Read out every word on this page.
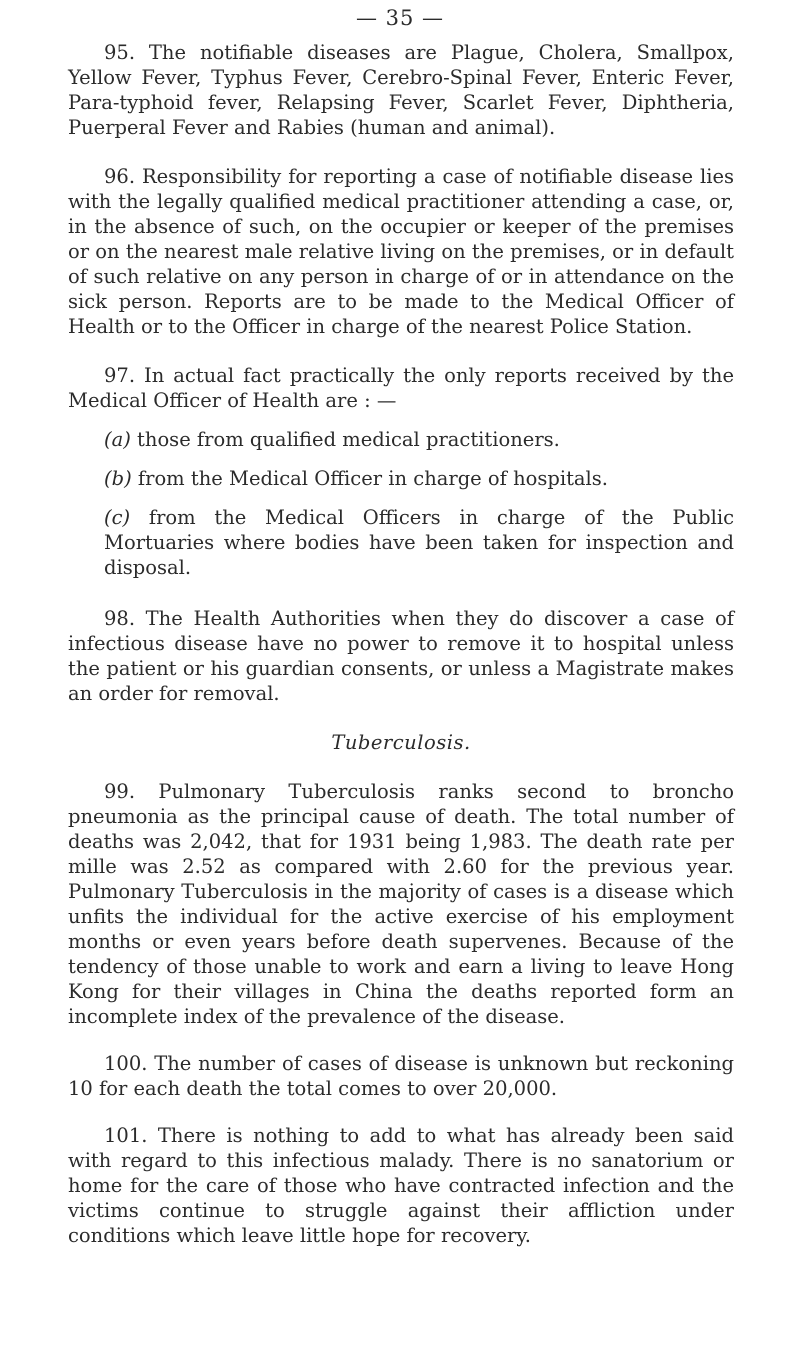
— 35 —

95. The notifiable diseases are Plague, Cholera, Smallpox, Yellow Fever, Typhus Fever, Cerebro-Spinal Fever, Enteric Fever, Para-typhoid fever, Relapsing Fever, Scarlet Fever, Diphtheria, Puerperal Fever and Rabies (human and animal).

96. Responsibility for reporting a case of notifiable disease lies with the legally qualified medical practitioner attending a case, or, in the absence of such, on the occupier or keeper of the premises or on the nearest male relative living on the premises, or in default of such relative on any person in charge of or in attendance on the sick person. Reports are to be made to the Medical Officer of Health or to the Officer in charge of the nearest Police Station.

97. In actual fact practically the only reports received by the Medical Officer of Health are : —

(a) those from qualified medical practitioners.

(b) from the Medical Officer in charge of hospitals.

(c) from the Medical Officers in charge of the Public Mortuaries where bodies have been taken for inspection and disposal.

98. The Health Authorities when they do discover a case of infectious disease have no power to remove it to hospital unless the patient or his guardian consents, or unless a Magistrate makes an order for removal.

Tuberculosis.

99. Pulmonary Tuberculosis ranks second to broncho pneumonia as the principal cause of death. The total number of deaths was 2,042, that for 1931 being 1,983. The death rate per mille was 2.52 as compared with 2.60 for the previous year. Pulmonary Tuberculosis in the majority of cases is a disease which unfits the individual for the active exercise of his employment months or even years before death supervenes. Because of the tendency of those unable to work and earn a living to leave Hong Kong for their villages in China the deaths reported form an incomplete index of the prevalence of the disease.

100. The number of cases of disease is unknown but reckoning 10 for each death the total comes to over 20,000.

101. There is nothing to add to what has already been said with regard to this infectious malady. There is no sanatorium or home for the care of those who have contracted infection and the victims continue to struggle against their affliction under conditions which leave little hope for recovery.
